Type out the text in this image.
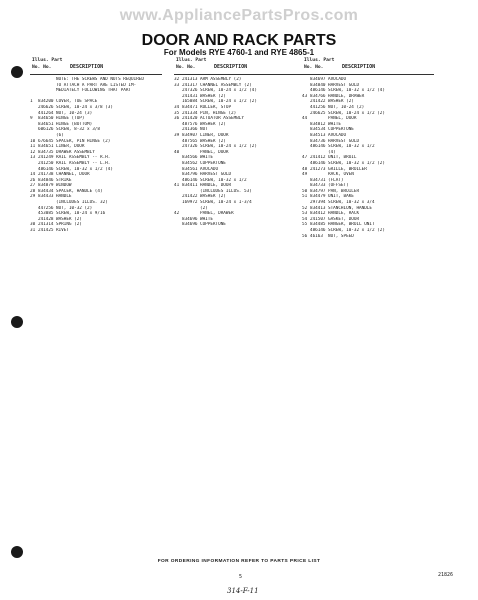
www.AppliancePartsPros.com
DOOR AND RACK PARTS
For Models RYE 4760-1 and RYE 4865-1
Illus. Part
No. No.	DESCRIPTION
NOTE: THE SCREWS AND NUTS REQUIRED
TO ATTACH A PART ARE LISTED IM-
MEDIATELY FOLLOWING THAT PART
1	834200 COVER, TOE SPACE
246626 SCREW, 10-24 x 3/8 (3)
441264 NUT, 10-24 (3)
9	834650 HINGE (TOP)
834651 HINGE (BOTTOM)
606126 SCREW, 8-32 x 3/8
(6)
10 676645 SPACER, PIN HINGE (2)
11 834651 LINER, DOOR
12 834735 DRAWER ASSEMBLY
13 241249 RAIL ASSEMBLY -- R.H.
241250 RAIL ASSEMBLY -- L.H.
486146 SCREW, 10-32 x 1/2 (4)
14 241738 CHANNEL, DOOR
26 834846 STRIKE
27 834879 WINDOW
28 834434 SPACER, HANDLE (4)
29 834433 HANDLE
(INCLUDES ILLUS. 32)
447256 NUT, 10-32 (2)
453085 SCREW, 10-24 x 9/16
241428 WASHER (2)
30 241314 SPRING (2)
31 241425 RIVET
Illus. Part
No. No.	DESCRIPTION
32 241313 ARM ASSEMBLY (2)
33 241317 CHANNEL ASSEMBLY (2)
247326 SCREW, 10-24 x 1/2 (4)
241431 WASHER (2)
165084 SCREW, 10-24 x 1/2 (2)
34 834471 ROLLER, STOP
35 241334 PIN, HINGE (2)
36 241420 ACTUATOR ASSEMBLY
487576 WASHER (2)
241366 NUT
39 834907 LINER, DOOR
487565 WASHER (2)
247326 SCREW, 10-24 x 1/2 (2)
40	PANEL, DOOR
834566 WHITE
834562 COPPERTONE
834561 AVOCADO
834796 HARVEST GOLD
486146 SCREW, 10-32 x 1/2
41 834411 HANDLE, DOOR
(INCLUDES ILLUS. 53)
241422 WASHER (2)
169972 SCREW, 10-24 x 1-3/4
(2)
42	PANEL, DRAWER
834696 WHITE
834696 COPPERTONE
Illus. Part
No. No.	DESCRIPTION
834697 AVOCADO
834840 HARVEST GOLD
486146 SCREW, 10-32 x 1/2 (4)
43 834766 HANDLE, DRAWER
241422 WASHER (2)
441256 NUT, 10-24 (2)
246625 SCREW, 10-24 x 1/2 (2)
44	PANEL, DOOR
834812 WHITE
834534 COPPERTONE
834513 AVOCADO
834736 HARVEST GOLD
486146 SCREW, 10-32 x 1/2
(4)
47 241412 UNIT, BROIL
486146 SCREW, 10-32 x 1/2 (2)
48 241273 GRILLE, BROILER
49	RACK, OVEN
834731 (FLAT)
834733 (OFFSET)
50 834797 PAN, BROILER
51 834479 UNIT, BAKE
297394 SCREW, 10-32 x 3/4
52 834413 STANCHION, HANDLE
53 834412 HANDLE, RACK
54 241507 GASKET, DOOR
55 834485 HANGER, BROIL UNIT
486146 SCREW, 10-32 x 1/2 (2)
56 46163	NUT, SPEED
FOR ORDERING INFORMATION REFER TO PARTS PRICE LIST
5	21826
314-F-11
